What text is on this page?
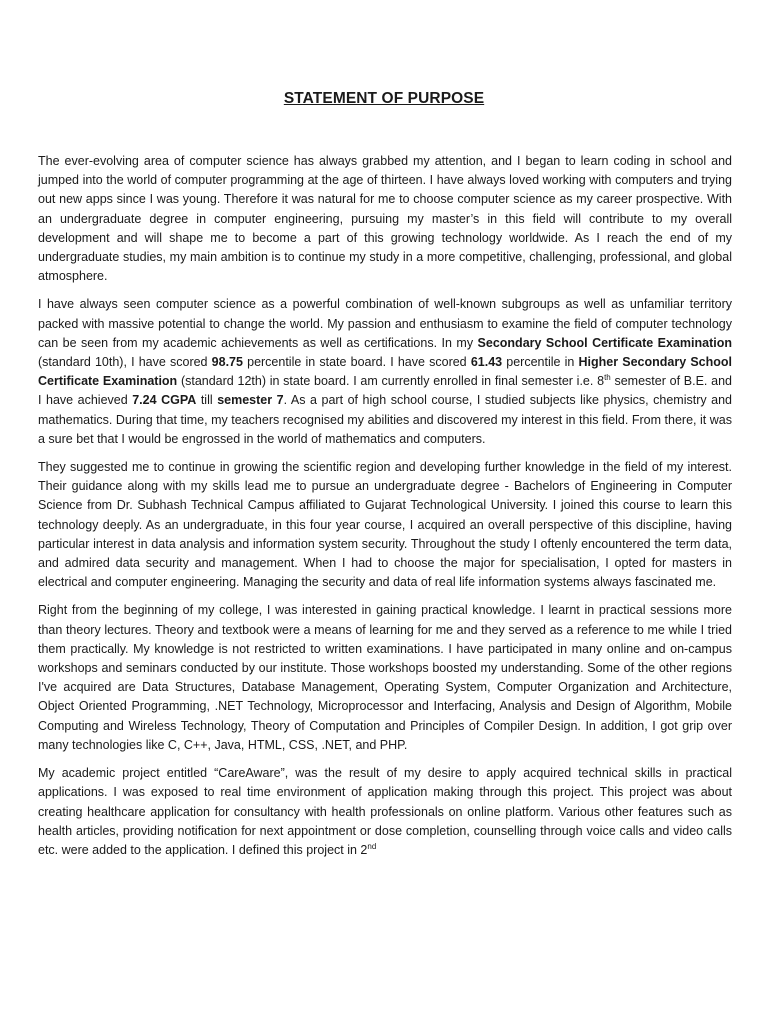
STATEMENT OF PURPOSE

The ever-evolving area of computer science has always grabbed my attention, and I began to learn coding in school and jumped into the world of computer programming at the age of thirteen. I have always loved working with computers and trying out new apps since I was young. Therefore it was natural for me to choose computer science as my career prospective. With an undergraduate degree in computer engineering, pursuing my master’s in this field will contribute to my overall development and will shape me to become a part of this growing technology worldwide. As I reach the end of my undergraduate studies, my main ambition is to continue my study in a more competitive, challenging, professional, and global atmosphere.

I have always seen computer science as a powerful combination of well-known subgroups as well as unfamiliar territory packed with massive potential to change the world. My passion and enthusiasm to examine the field of computer technology can be seen from my academic achievements as well as certifications. In my Secondary School Certificate Examination (standard 10th), I have scored 98.75 percentile in state board. I have scored 61.43 percentile in Higher Secondary School Certificate Examination (standard 12th) in state board. I am currently enrolled in final semester i.e. 8th semester of B.E. and I have achieved 7.24 CGPA till semester 7. As a part of high school course, I studied subjects like physics, chemistry and mathematics. During that time, my teachers recognised my abilities and discovered my interest in this field. From there, it was a sure bet that I would be engrossed in the world of mathematics and computers.

They suggested me to continue in growing the scientific region and developing further knowledge in the field of my interest. Their guidance along with my skills lead me to pursue an undergraduate degree - Bachelors of Engineering in Computer Science from Dr. Subhash Technical Campus affiliated to Gujarat Technological University. I joined this course to learn this technology deeply. As an undergraduate, in this four year course, I acquired an overall perspective of this discipline, having particular interest in data analysis and information system security. Throughout the study I oftenly encountered the term data, and admired data security and management. When I had to choose the major for specialisation, I opted for masters in electrical and computer engineering. Managing the security and data of real life information systems always fascinated me.

Right from the beginning of my college, I was interested in gaining practical knowledge. I learnt in practical sessions more than theory lectures. Theory and textbook were a means of learning for me and they served as a reference to me while I tried them practically. My knowledge is not restricted to written examinations. I have participated in many online and on-campus workshops and seminars conducted by our institute. Those workshops boosted my understanding. Some of the other regions I've acquired are Data Structures, Database Management, Operating System, Computer Organization and Architecture, Object Oriented Programming, .NET Technology, Microprocessor and Interfacing, Analysis and Design of Algorithm, Mobile Computing and Wireless Technology, Theory of Computation and Principles of Compiler Design. In addition, I got grip over many technologies like C, C++, Java, HTML, CSS, .NET, and PHP.

My academic project entitled “CareAware”, was the result of my desire to apply acquired technical skills in practical applications. I was exposed to real time environment of application making through this project. This project was about creating healthcare application for consultancy with health professionals on online platform. Various other features such as health articles, providing notification for next appointment or dose completion, counselling through voice calls and video calls etc. were added to the application. I defined this project in 2nd
